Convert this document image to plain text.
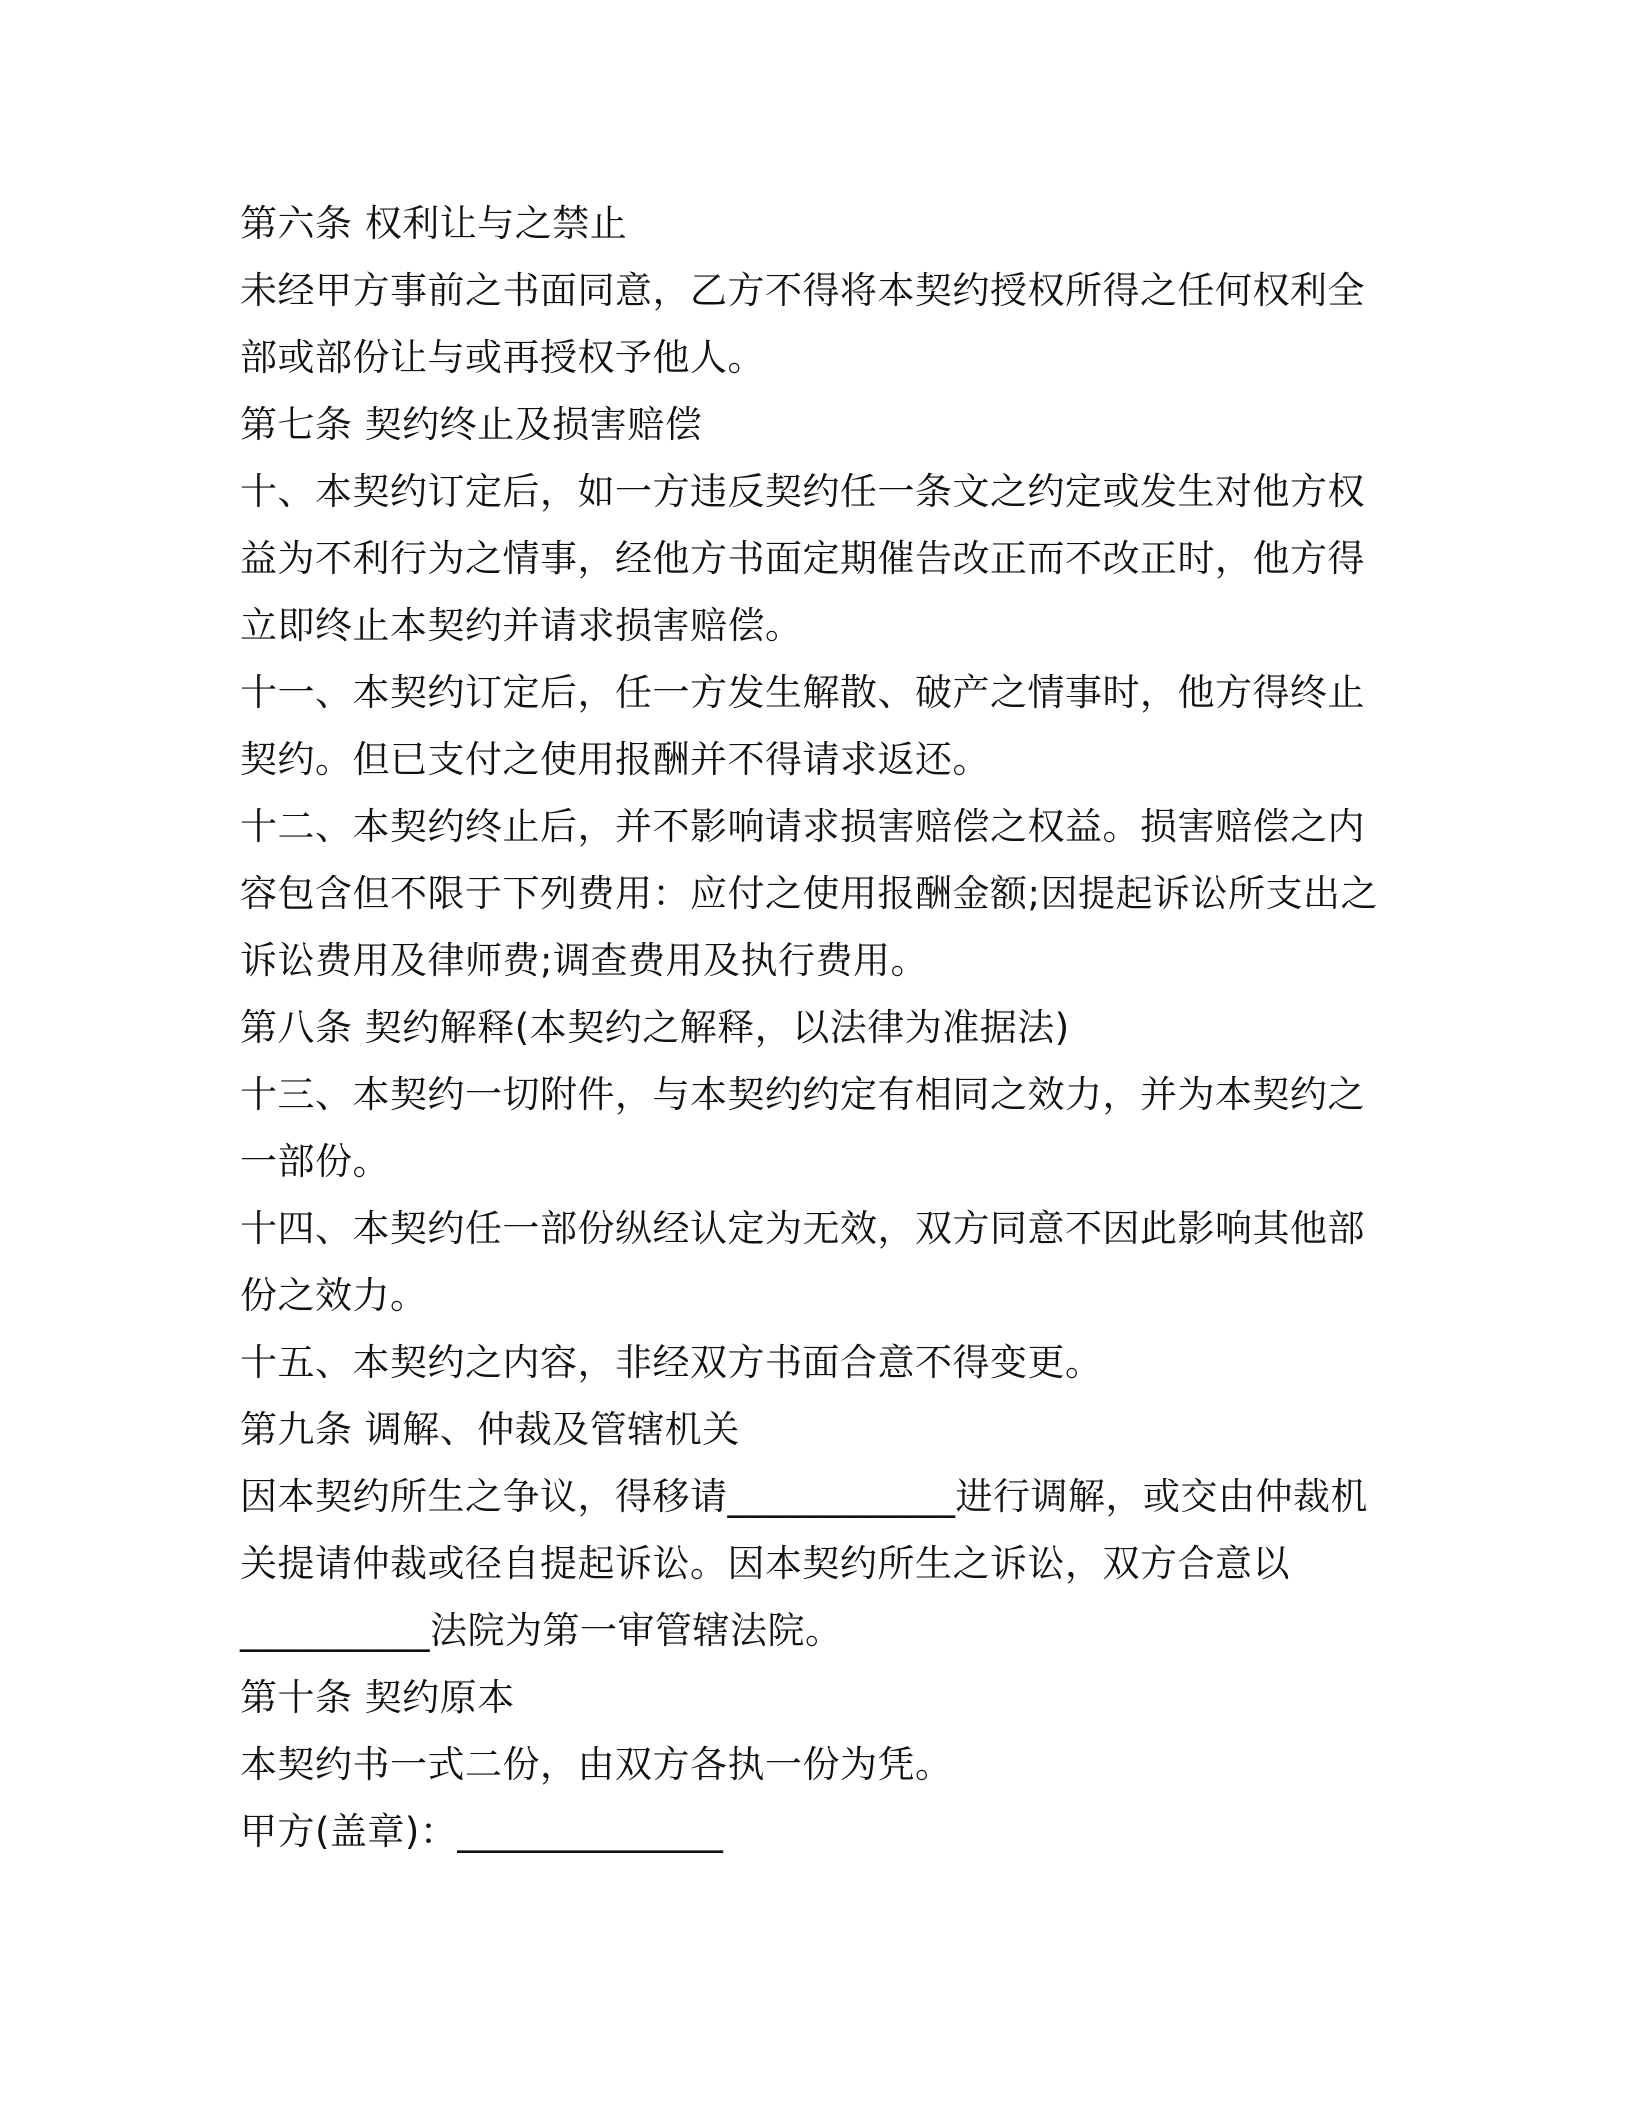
第六条 权利让与之禁止
未经甲方事前之书面同意，乙方不得将本契约授权所得之任何权利全
部或部份让与或再授权予他人。
第七条 契约终止及损害赔偿
十、本契约订定后，如一方违反契约任一条文之约定或发生对他方权
益为不利行为之情事，经他方书面定期催告改正而不改正时，他方得
立即终止本契约并请求损害赔偿。
十一、本契约订定后，任一方发生解散、破产之情事时，他方得终止
契约。但已支付之使用报酬并不得请求返还。
十二、本契约终止后，并不影响请求损害赔偿之权益。损害赔偿之内
容包含但不限于下列费用：应付之使用报酬金额;因提起诉讼所支出之
诉讼费用及律师费;调查费用及执行费用。
第八条 契约解释(本契约之解释，以法律为准据法)
十三、本契约一切附件，与本契约约定有相同之效力，并为本契约之
一部份。
十四、本契约任一部份纵经认定为无效，双方同意不因此影响其他部
份之效力。
十五、本契约之内容，非经双方书面合意不得变更。
第九条 调解、仲裁及管辖机关
因本契约所生之争议，得移请____________进行调解，或交由仲裁机
关提请仲裁或径自提起诉讼。因本契约所生之诉讼，双方合意以
__________法院为第一审管辖法院。
第十条 契约原本
本契约书一式二份，由双方各执一份为凭。
甲方(盖章)：______________
